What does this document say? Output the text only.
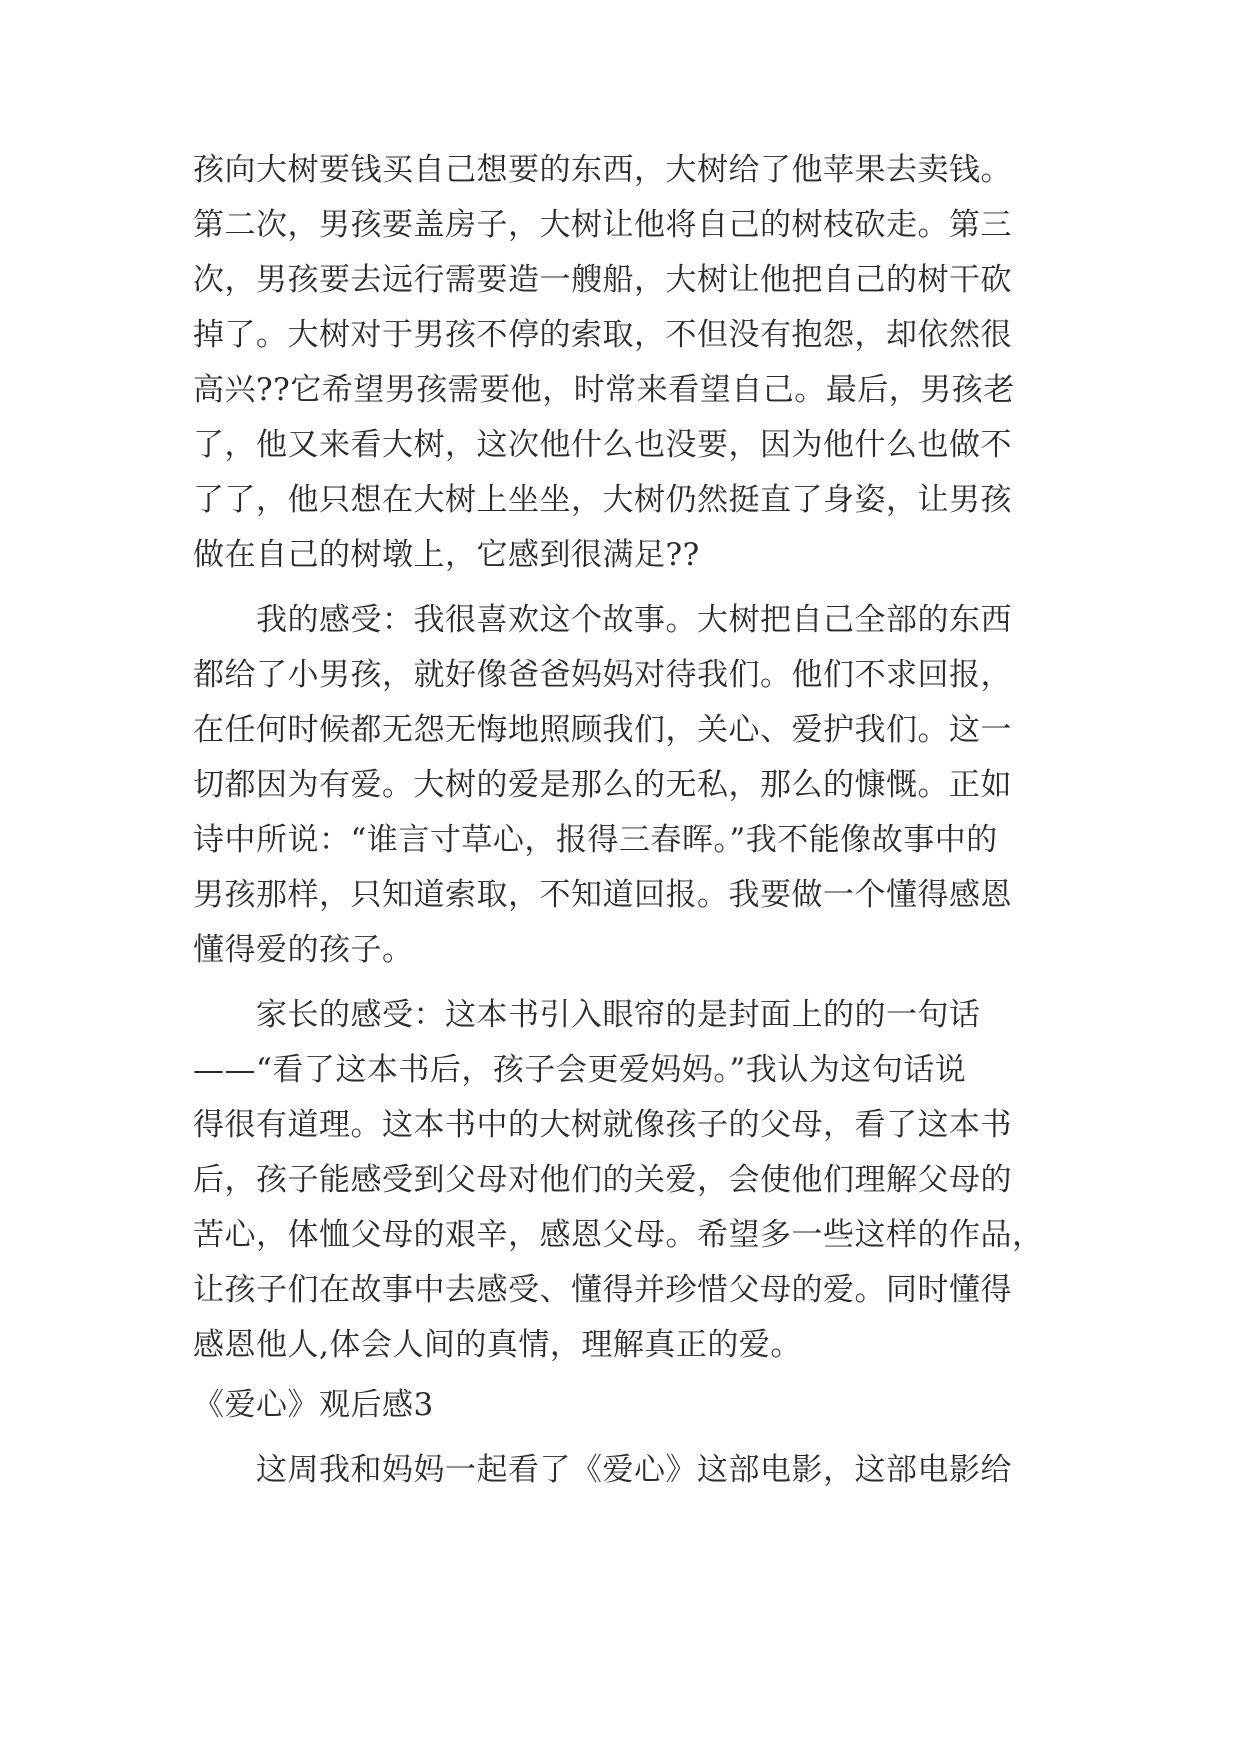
孩向大树要钱买自己想要的东西，大树给了他苹果去卖钱。
第二次，男孩要盖房子，大树让他将自己的树枝砍走。第三
次，男孩要去远行需要造一艘船，大树让他把自己的树干砍
掉了。大树对于男孩不停的索取，不但没有抱怨，却依然很
高兴??它希望男孩需要他，时常来看望自己。最后，男孩老
了，他又来看大树，这次他什么也没要，因为他什么也做不
了了，他只想在大树上坐坐，大树仍然挺直了身姿，让男孩
做在自己的树墩上，它感到很满足??
我的感受：我很喜欢这个故事。大树把自己全部的东西
都给了小男孩，就好像爸爸妈妈对待我们。他们不求回报，
在任何时候都无怨无悔地照顾我们，关心、爱护我们。这一
切都因为有爱。大树的爱是那么的无私，那么的慷慨。正如
诗中所说：“谁言寸草心，报得三春晖。”我不能像故事中的
男孩那样，只知道索取，不知道回报。我要做一个懂得感恩
懂得爱的孩子。
家长的感受：这本书引入眼帘的是封面上的的一句话
——“看了这本书后，孩子会更爱妈妈。”我认为这句话说
得很有道理。这本书中的大树就像孩子的父母，看了这本书
后，孩子能感受到父母对他们的关爱，会使他们理解父母的
苦心，体恤父母的艰辛，感恩父母。希望多一些这样的作品，
让孩子们在故事中去感受、懂得并珍惜父母的爱。同时懂得
感恩他人,体会人间的真情，理解真正的爱。
《爱心》观后感3
这周我和妈妈一起看了《爱心》这部电影，这部电影给
